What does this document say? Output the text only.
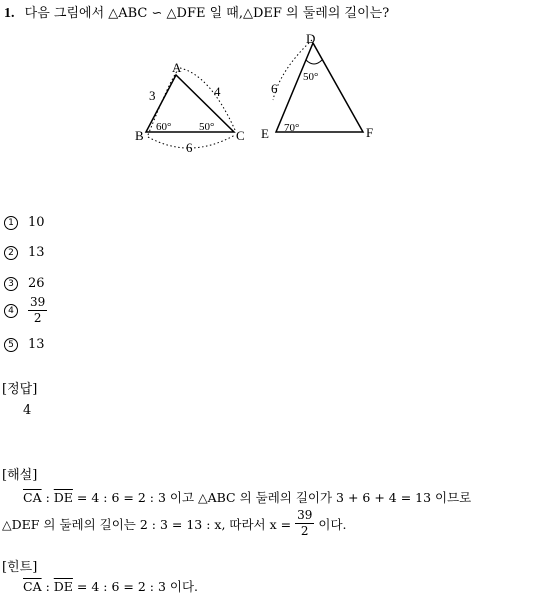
1. 다음 그림에서 △ABC ∽ △DFE 일 때,△DEF 의 둘레의 길이는?
A
B	C
3	4
6
60°	50°
D
E	F
6
50°
70°
1	10
2	13
3	26
4	$\frac{39}{2}$
5	13
[정답]
4
[해설]
$\overline{CA}$ : $\overline{DE} = 4$ : 6 = 2 : 3 이고 △ABC 의 둘레의 길이가 3 + 6 + 4 = 13 이므로
△DEF 의 둘레의 길이는 2 : 3 = 13 : x, 따라서 $x = \frac{39}{2}$ 이다.
[힌트]
$\overline{CA}$ : $\overline{DE} = 4$ : 6 = 2 : 3 이다.
